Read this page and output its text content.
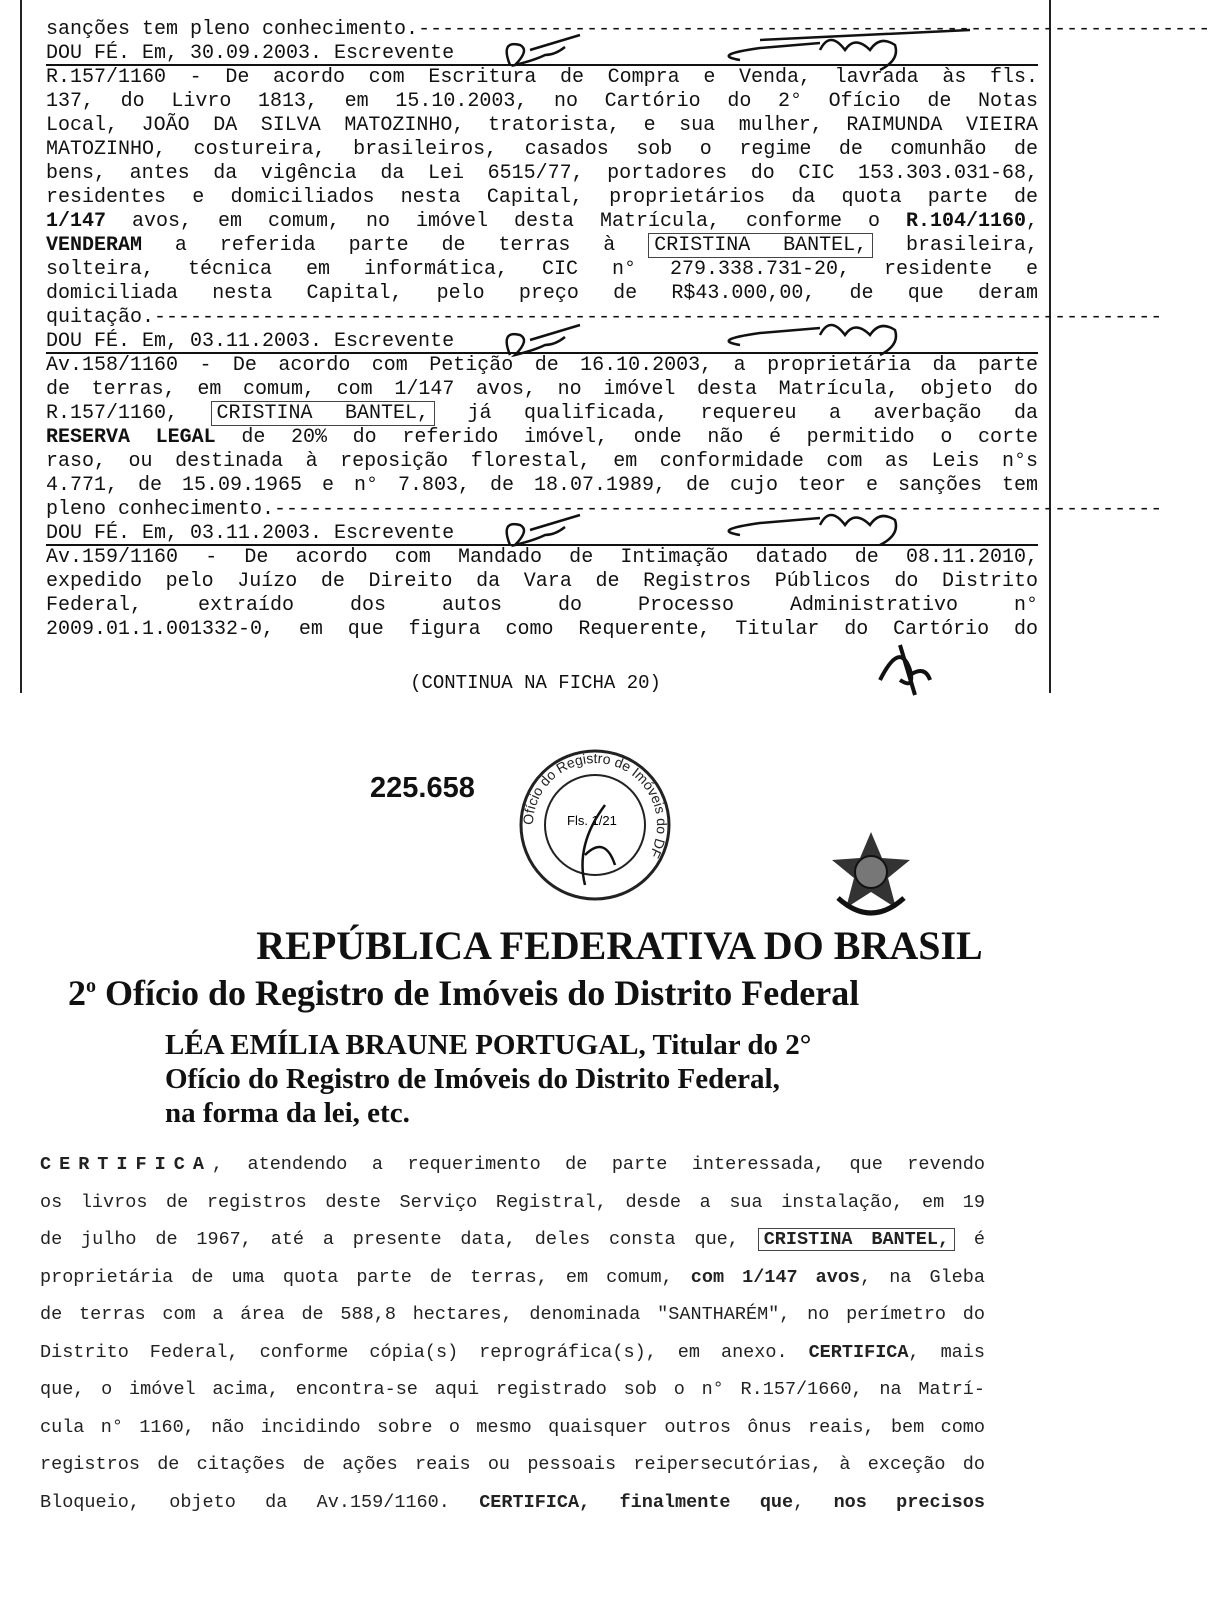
sanções tem pleno conhecimento.------------------------------------------------------------------
DOU FÉ. Em, 30.09.2003. Escrevente
R.157/1160 - De acordo com Escritura de Compra e Venda, lavrada às fls.
137, do Livro 1813, em 15.10.2003, no Cartório do 2° Ofício de Notas
Local, JOÃO DA SILVA MATOZINHO, tratorista, e sua mulher, RAIMUNDA VIEIRA
MATOZINHO, costureira, brasileiros, casados sob o regime de comunhão de
bens, antes da vigência da Lei 6515/77, portadores do CIC 153.303.031-68,
residentes e domiciliados nesta Capital, proprietários da quota parte de
1/147 avos, em comum, no imóvel desta Matrícula, conforme o R.104/1160,
VENDERAM a referida parte de terras à CRISTINA BANTEL, brasileira,
solteira, técnica em informática, CIC n° 279.338.731-20, residente e
domiciliada nesta Capital, pelo preço de R$43.000,00, de que deram
quitação.------------------------------------------------------------------------------------
DOU FÉ. Em, 03.11.2003. Escrevente
Av.158/1160 - De acordo com Petição de 16.10.2003, a proprietária da parte
de terras, em comum, com 1/147 avos, no imóvel desta Matrícula, objeto do
R.157/1160, CRISTINA BANTEL, já qualificada, requereu a averbação da
RESERVA LEGAL de 20% do referido imóvel, onde não é permitido o corte
raso, ou destinada à reposição florestal, em conformidade com as Leis n°s
4.771, de 15.09.1965 e n° 7.803, de 18.07.1989, de cujo teor e sanções tem
pleno conhecimento.--------------------------------------------------------------------------
DOU FÉ. Em, 03.11.2003. Escrevente
Av.159/1160 - De acordo com Mandado de Intimação datado de 08.11.2010,
expedido pelo Juízo de Direito da Vara de Registros Públicos do Distrito
Federal, extraído dos autos do Processo Administrativo n°
2009.01.1.001332-0, em que figura como Requerente, Titular do Cartório do
(CONTINUA NA FICHA 20)
225.658
Ofício do Registro de Imóveis do DF
Fls. 1/21
REPÚBLICA FEDERATIVA DO BRASIL
2$^o$ Ofício do Registro de Imóveis do Distrito Federal
LÉA EMÍLIA BRAUNE PORTUGAL, Titular do 2°
Ofício do Registro de Imóveis do Distrito Federal,
na forma da lei, etc.
CERTIFICA, atendendo a requerimento de parte interessada, que revendo
os livros de registros deste Serviço Registral, desde a sua instalação, em 19
de julho de 1967, até a presente data, deles consta que, CRISTINA BANTEL, é
proprietária de uma quota parte de terras, em comum, com 1/147 avos, na Gleba
de terras com a área de 588,8 hectares, denominada "SANTHARÉM", no perímetro do
Distrito Federal, conforme cópia(s) reprográfica(s), em anexo. CERTIFICA, mais
que, o imóvel acima, encontra-se aqui registrado sob o n° R.157/1660, na Matrí-
cula n° 1160, não incidindo sobre o mesmo quaisquer outros ônus reais, bem como
registros de citações de ações reais ou pessoais reipersecutórias, à exceção do
Bloqueio, objeto da Av.159/1160. CERTIFICA, finalmente que, nos precisos
